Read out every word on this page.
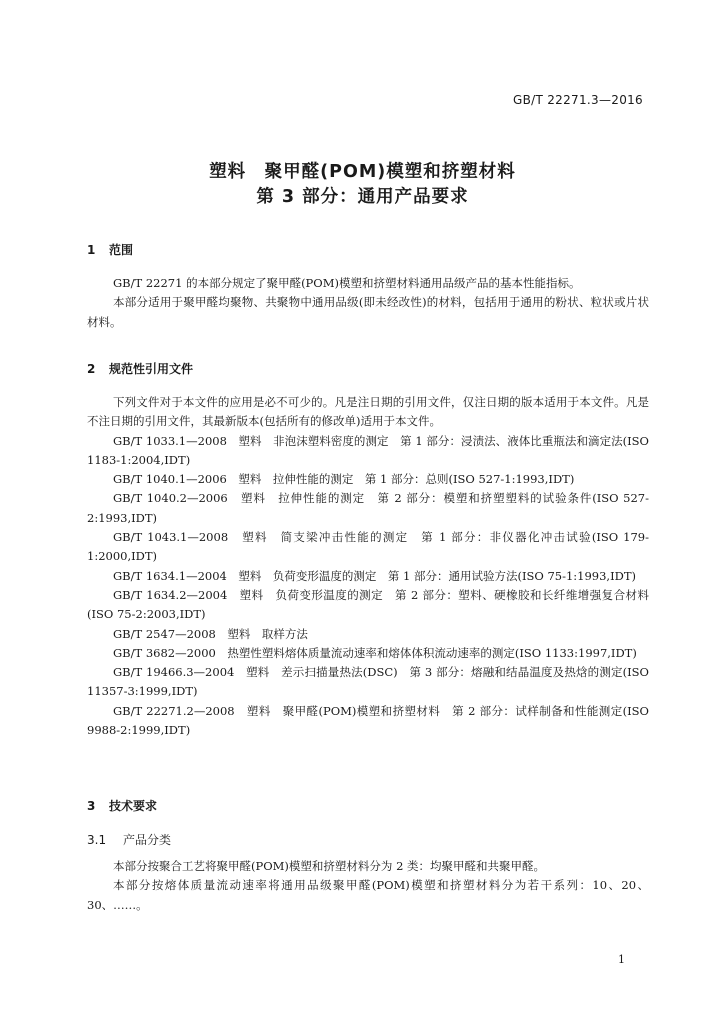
GB/T 22271.3—2016
塑料　聚甲醛(POM)模塑和挤塑材料
第 3 部分：通用产品要求
1 范围

GB/T 22271 的本部分规定了聚甲醛(POM)模塑和挤塑材料通用品级产品的基本性能指标。

本部分适用于聚甲醛均聚物、共聚物中通用品级(即未经改性)的材料，包括用于通用的粉状、粒状或片状材料。

2 规范性引用文件

下列文件对于本文件的应用是必不可少的。凡是注日期的引用文件，仅注日期的版本适用于本文件。凡是不注日期的引用文件，其最新版本(包括所有的修改单)适用于本文件。

GB/T 1033.1—2008　塑料　非泡沫塑料密度的测定　第 1 部分：浸渍法、液体比重瓶法和滴定法(ISO 1183-1:2004,IDT)

GB/T 1040.1—2006　塑料　拉伸性能的测定　第 1 部分：总则(ISO 527-1:1993,IDT)

GB/T 1040.2—2006　塑料　拉伸性能的测定　第 2 部分：模塑和挤塑塑料的试验条件(ISO 527-2:1993,IDT)

GB/T 1043.1—2008　塑料　简支梁冲击性能的测定　第 1 部分：非仪器化冲击试验(ISO 179-1:2000,IDT)

GB/T 1634.1—2004　塑料　负荷变形温度的测定　第 1 部分：通用试验方法(ISO 75-1:1993,IDT)

GB/T 1634.2—2004　塑料　负荷变形温度的测定　第 2 部分：塑料、硬橡胶和长纤维增强复合材料(ISO 75-2:2003,IDT)

GB/T 2547—2008　塑料　取样方法

GB/T 3682—2000　热塑性塑料熔体质量流动速率和熔体体积流动速率的测定(ISO 1133:1997,IDT)

GB/T 19466.3—2004　塑料　差示扫描量热法(DSC)　第 3 部分：熔融和结晶温度及热焓的测定(ISO 11357-3:1999,IDT)

GB/T 22271.2—2008　塑料　聚甲醛(POM)模塑和挤塑材料　第 2 部分：试样制备和性能测定(ISO 9988-2:1999,IDT)

3 技术要求
3.1 产品分类

本部分按聚合工艺将聚甲醛(POM)模塑和挤塑材料分为 2 类：均聚甲醛和共聚甲醛。

本部分按熔体质量流动速率将通用品级聚甲醛(POM)模塑和挤塑材料分为若干系列：10、20、30、……。

1
